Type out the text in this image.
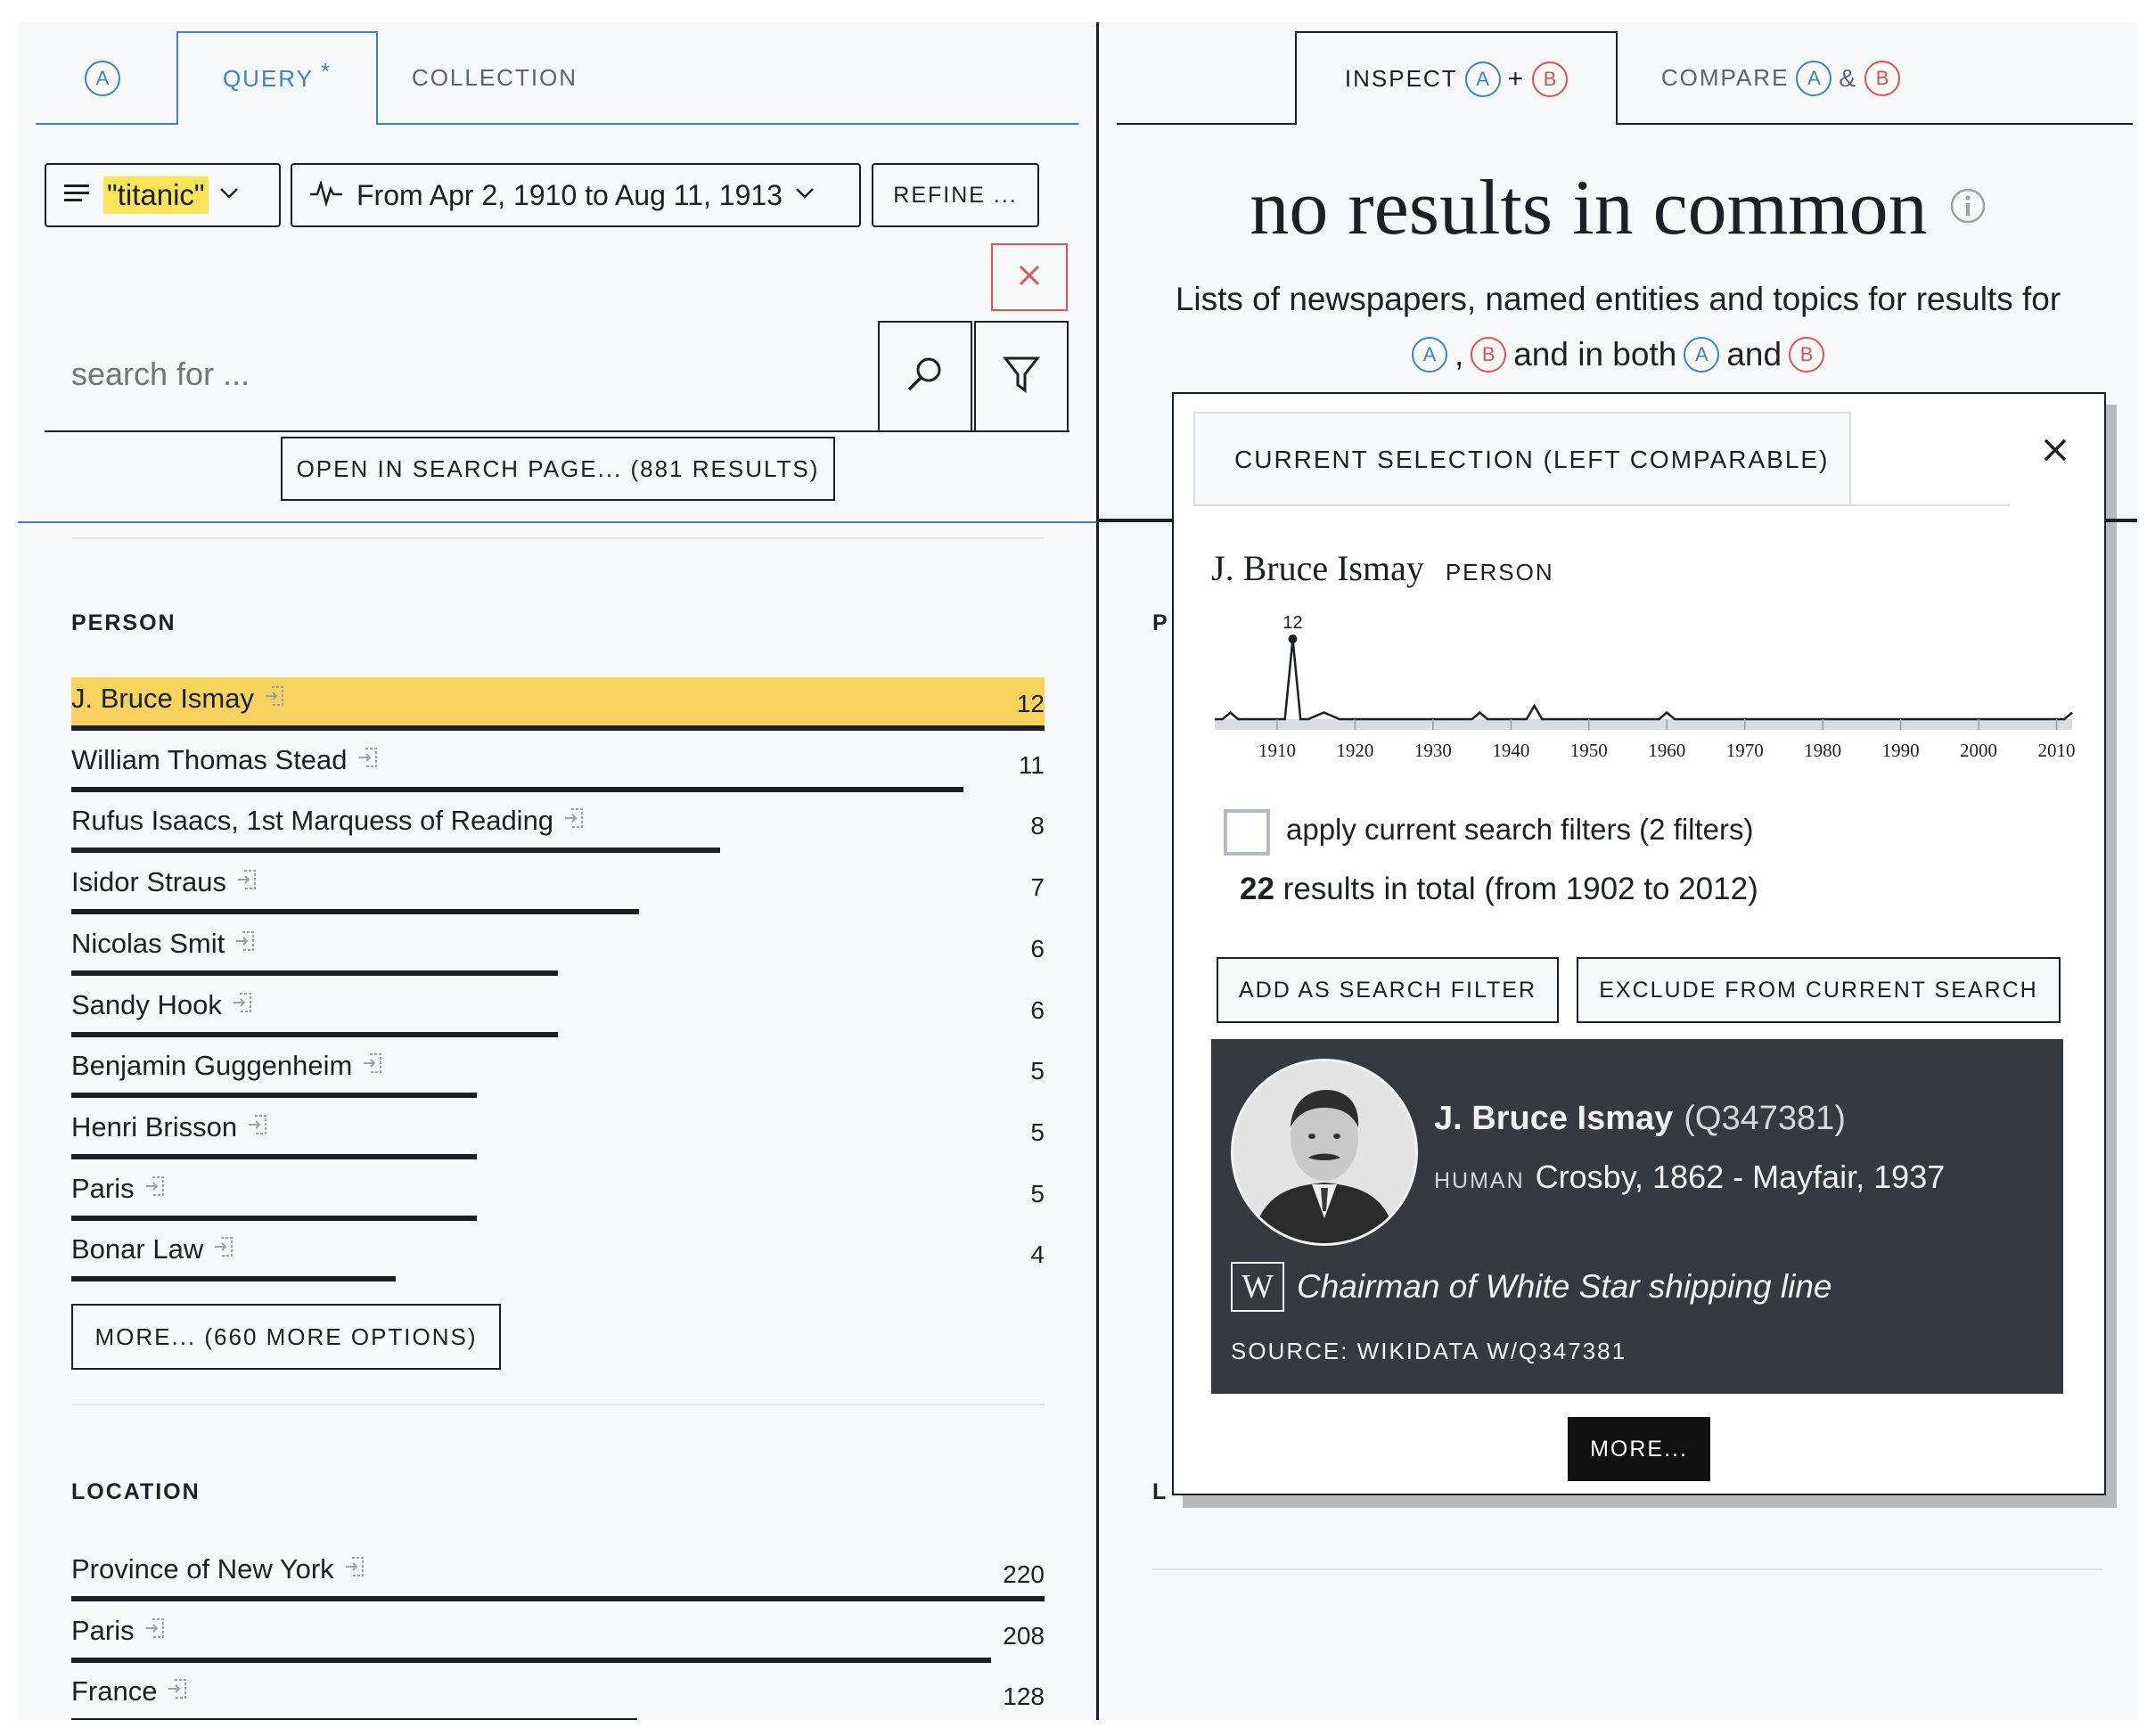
A	QUERY *	COLLECTION
"titanic"	From Apr 2, 1910 to Aug 11, 1913	REFINE ...
search for ...
OPEN IN SEARCH PAGE... (881 RESULTS)
PERSON
J. Bruce Ismay	12
William Thomas Stead	11
Rufus Isaacs, 1st Marquess of Reading	8
Isidor Straus	7
Nicolas Smit	6
Sandy Hook	6
Benjamin Guggenheim	5
Henri Brisson	5
Paris	5
Bonar Law	4
MORE... (660 MORE OPTIONS)
LOCATION
Province of New York	220
Paris	208
France	128
INSPECT A + B	COMPARE A & B
no results in common
Lists of newspapers, named entities and topics for results for
A , B and in both A and B
P
L
CURRENT SELECTION (LEFT COMPARABLE)
J. Bruce Ismay PERSON
12
1910 1920 1930 1940 1950 1960 1970 1980 1990 2000 2010
apply current search filters (2 filters)
22 results in total (from 1902 to 2012)
ADD AS SEARCH FILTER	EXCLUDE FROM CURRENT SEARCH
J. Bruce Ismay (Q347381)
HUMAN Crosby, 1862 - Mayfair, 1937
W Chairman of White Star shipping line
SOURCE: WIKIDATA W/Q347381
MORE...
